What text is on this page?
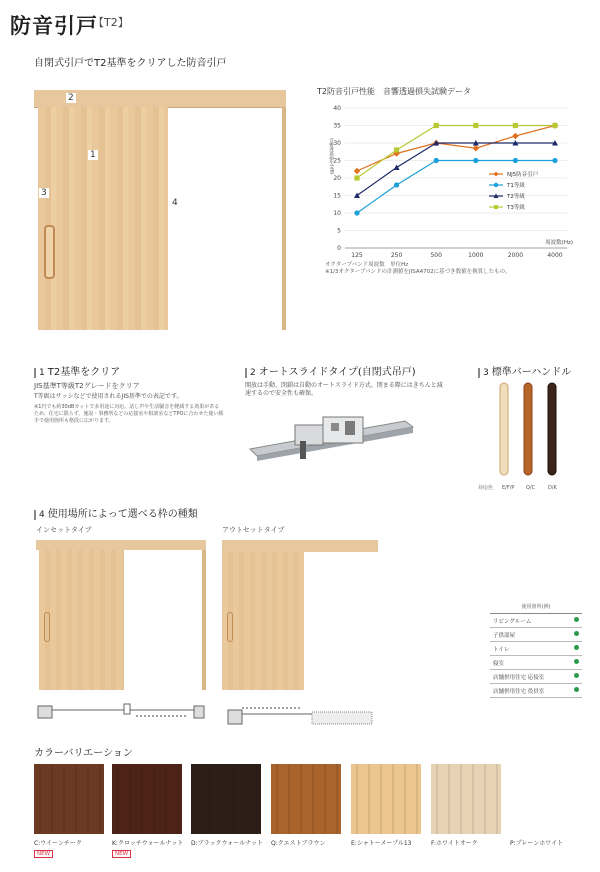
防音引戸
【T2】
自閉式引戸でT2基準をクリアした防音引戸
2
1
3
4
T2防音引戸性能　音響透過損失試験データ
0
5
10
15
20
25
30
35
40
125	250	500	1000	2000	4000
音響透過損失(dB)
周波数(Hz)
NJ5防音引戸
T1等級
T2等級
T3等級
オクターブバンド周波数　単位Hz
※1/3オクターブバンドの計測値をJISA4702に基づき数値を換算したもの。
1 T2基準をクリア
JIS基準T等級T2グレードをクリア
T等級はサッシなどで使用されるJIS基準での表記です。
※1円でも約30dBカットで多用途に対応。話し声や生活騒音を軽減する効果があるため、住宅に限らず、施設・事務所などの応接室や相談室などTPOに合わせた使い勝手で使用箇所も格段に広がります。
2 オートスライドタイプ(自閉式吊戸)
開放は手動、閉鎖は自動のオートスライド方式。閉まる際にはきちんと減速するので安全性も確保。
3 標準バーハンドル
対応色 E/F/P Q/C	D/K
4 使用場所によって選べる枠の種類
インセットタイプ	アウトセットタイプ
使用箇所(例)
リビングルーム	
子供部屋	
トイレ	
寝室	
店舗併用住宅 応接室	
店舗併用住宅 役員室	
カラーバリエーション
C:ウイーンチーク	K:クロッチウォールナット D:ブラックウォールナット Q:クエストブラウン	E:シャトーメープル13	F:ホワイトオーク	P:プレーンホワイト
NEW	NEW
